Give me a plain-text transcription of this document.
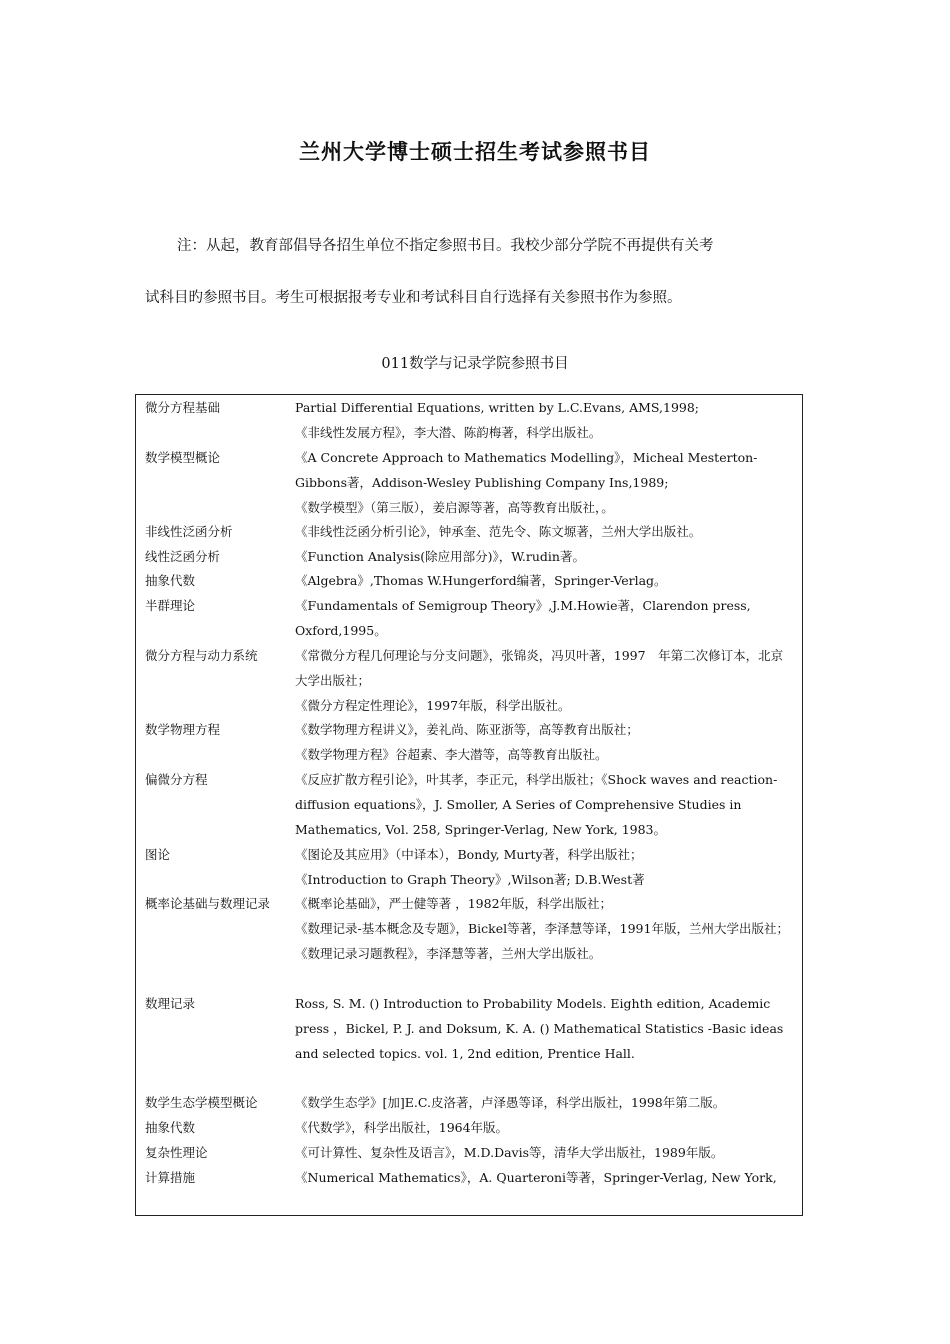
兰州大学博士硕士招生考试参照书目
注：从起，教育部倡导各招生单位不指定参照书目。我校少部分学院不再提供有关考
试科目旳参照书目。考生可根据报考专业和考试科目自行选择有关参照书作为参照。
011数学与记录学院参照书目
微分方程基础	Partial Differential Equations, written by L.C.Evans, AMS,1998;
《非线性发展方程》，李大潜、陈韵梅著，科学出版社。
数学模型概论	《A Concrete Approach to Mathematics Modelling》，Micheal Mesterton-Gibbons著，Addison-Wesley Publishing Company Ins,1989;
《数学模型》（第三版），姜启源等著，高等教育出版社，。
非线性泛函分析	《非线性泛函分析引论》，钟承奎、范先令、陈文塬著，兰州大学出版社。
线性泛函分析	《Function Analysis(除应用部分)》，W.rudin著。
抽象代数	《Algebra》,Thomas W.Hungerford编著，Springer-Verlag。
半群理论	《Fundamentals of Semigroup Theory》,J.M.Howie著，Clarendon press, Oxford,1995。
微分方程与动力系统	《常微分方程几何理论与分支问题》，张锦炎，冯贝叶著，1997　年第二次修订本，北京大学出版社；
《微分方程定性理论》，1997年版，科学出版社。
数学物理方程	《数学物理方程讲义》，姜礼尚、陈亚浙等，高等教育出版社；
《数学物理方程》谷超素、李大潜等，高等教育出版社。
偏微分方程	《反应扩散方程引论》，叶其孝，李正元，科学出版社；《Shock waves and reaction-diffusion equations》，J. Smoller, A Series of Comprehensive Studies in Mathematics, Vol. 258, Springer-Verlag, New York, 1983。
图论	《图论及其应用》（中译本），Bondy, Murty著，科学出版社；
《Introduction to Graph Theory》,Wilson著; D.B.West著
概率论基础与数理记录	《概率论基础》，严士健等著 ，1982年版，科学出版社；
《数理记录-基本概念及专题》，Bickel等著，李泽慧等译，1991年版，兰州大学出版社；
《数理记录习题教程》，李泽慧等著，兰州大学出版社。
数理记录	Ross, S. M. () Introduction to Probability Models. Eighth edition, Academic press ，Bickel, P. J. and Doksum, K. A. () Mathematical Statistics -Basic ideas and selected topics. vol. 1, 2nd edition, Prentice Hall.
数学生态学模型概论	《数学生态学》[加]E.C.皮洛著，卢泽愚等译，科学出版社，1998年第二版。
抽象代数	《代数学》，科学出版社，1964年版。
复杂性理论	《可计算性、复杂性及语言》，M.D.Davis等，清华大学出版社，1989年版。
计算措施	《Numerical Mathematics》，A. Quarteroni等著，Springer-Verlag, New York,
